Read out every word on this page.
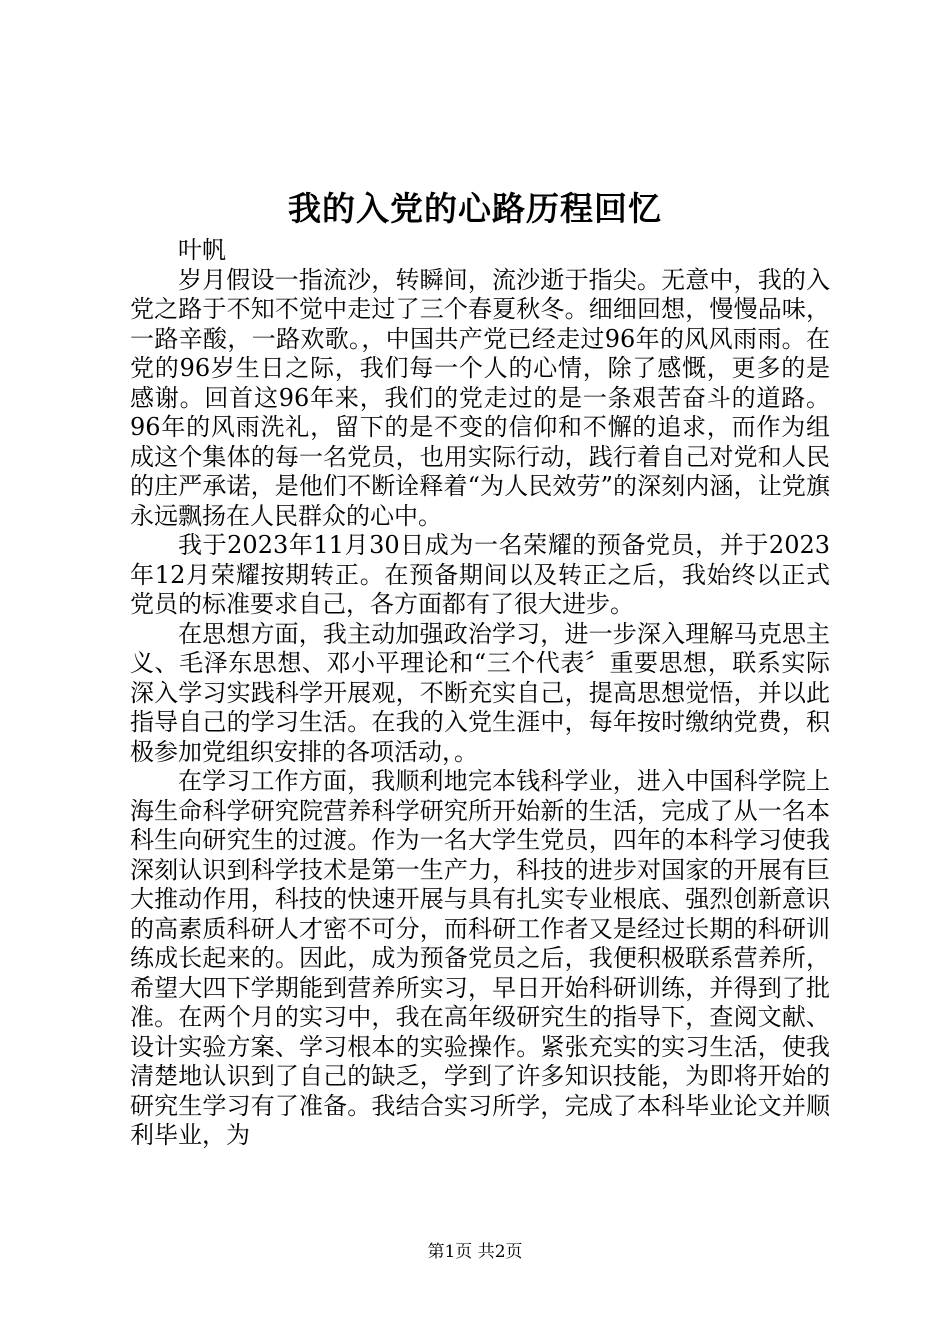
我的入党的心路历程回忆

叶帆

岁月假设一指流沙，转瞬间，流沙逝于指尖。无意中，我的入党之路于不知不觉中走过了三个春夏秋冬。细细回想，慢慢品味，一路辛酸，一路欢歌。，中国共产党已经走过96年的风风雨雨。在党的96岁生日之际，我们每一个人的心情，除了感慨，更多的是感谢。回首这96年来，我们的党走过的是一条艰苦奋斗的道路。96年的风雨洗礼，留下的是不变的信仰和不懈的追求，而作为组成这个集体的每一名党员，也用实际行动，践行着自己对党和人民的庄严承诺，是他们不断诠释着“为人民效劳”的深刻内涵，让党旗永远飘扬在人民群众的心中。

我于2023年11月30日成为一名荣耀的预备党员，并于2023年12月荣耀按期转正。在预备期间以及转正之后，我始终以正式党员的标准要求自己，各方面都有了很大进步。

在思想方面，我主动加强政治学习，进一步深入理解马克思主义、毛泽东思想、邓小平理论和“三个代表〞重要思想，联系实际深入学习实践科学开展观，不断充实自己，提高思想觉悟，并以此指导自己的学习生活。在我的入党生涯中，每年按时缴纳党费，积极参加党组织安排的各项活动，。

在学习工作方面，我顺利地完本钱科学业，进入中国科学院上海生命科学研究院营养科学研究所开始新的生活，完成了从一名本科生向研究生的过渡。作为一名大学生党员，四年的本科学习使我深刻认识到科学技术是第一生产力，科技的进步对国家的开展有巨大推动作用，科技的快速开展与具有扎实专业根底、强烈创新意识的高素质科研人才密不可分，而科研工作者又是经过长期的科研训练成长起来的。因此，成为预备党员之后，我便积极联系营养所，希望大四下学期能到营养所实习，早日开始科研训练，并得到了批准。在两个月的实习中，我在高年级研究生的指导下，查阅文献、设计实验方案、学习根本的实验操作。紧张充实的实习生活，使我清楚地认识到了自己的缺乏，学到了许多知识技能，为即将开始的研究生学习有了准备。我结合实习所学，完成了本科毕业论文并顺利毕业，为

第1页 共2页
